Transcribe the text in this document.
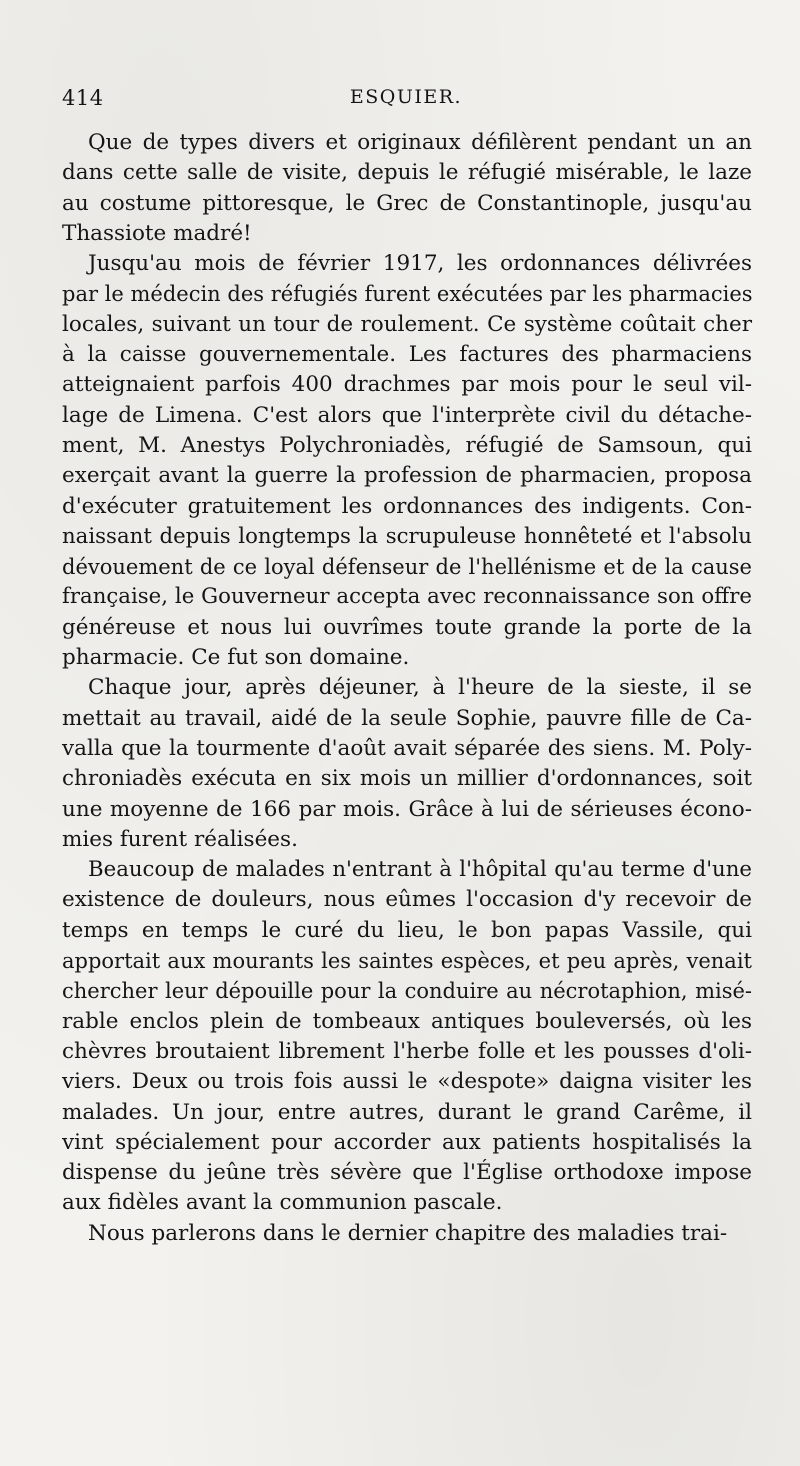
414	ESQUIER.

Que de types divers et originaux défilèrent pendant un an
dans cette salle de visite, depuis le réfugié misérable, le laze
au costume pittoresque, le Grec de Constantinople, jusqu'au
Thassiote madré!

Jusqu'au mois de février 1917, les ordonnances délivrées
par le médecin des réfugiés furent exécutées par les pharmacies
locales, suivant un tour de roulement. Ce système coûtait cher
à la caisse gouvernementale. Les factures des pharmaciens
atteignaient parfois 400 drachmes par mois pour le seul vil-
lage de Limena. C'est alors que l'interprète civil du détache-
ment, M. Anestys Polychroniadès, réfugié de Samsoun, qui
exerçait avant la guerre la profession de pharmacien, proposa
d'exécuter gratuitement les ordonnances des indigents. Con-
naissant depuis longtemps la scrupuleuse honnêteté et l'absolu
dévouement de ce loyal défenseur de l'hellénisme et de la cause
française, le Gouverneur accepta avec reconnaissance son offre
généreuse et nous lui ouvrîmes toute grande la porte de la
pharmacie. Ce fut son domaine.

Chaque jour, après déjeuner, à l'heure de la sieste, il se
mettait au travail, aidé de la seule Sophie, pauvre fille de Ca-
valla que la tourmente d'août avait séparée des siens. M. Poly-
chroniadès exécuta en six mois un millier d'ordonnances, soit
une moyenne de 166 par mois. Grâce à lui de sérieuses écono-
mies furent réalisées.

Beaucoup de malades n'entrant à l'hôpital qu'au terme d'une
existence de douleurs, nous eûmes l'occasion d'y recevoir de
temps en temps le curé du lieu, le bon papas Vassile, qui
apportait aux mourants les saintes espèces, et peu après, venait
chercher leur dépouille pour la conduire au nécrotaphion, misé-
rable enclos plein de tombeaux antiques bouleversés, où les
chèvres broutaient librement l'herbe folle et les pousses d'oli-
viers. Deux ou trois fois aussi le «despote» daigna visiter les
malades. Un jour, entre autres, durant le grand Carême, il
vint spécialement pour accorder aux patients hospitalisés la
dispense du jeûne très sévère que l'Église orthodoxe impose
aux fidèles avant la communion pascale.

Nous parlerons dans le dernier chapitre des maladies trai-
